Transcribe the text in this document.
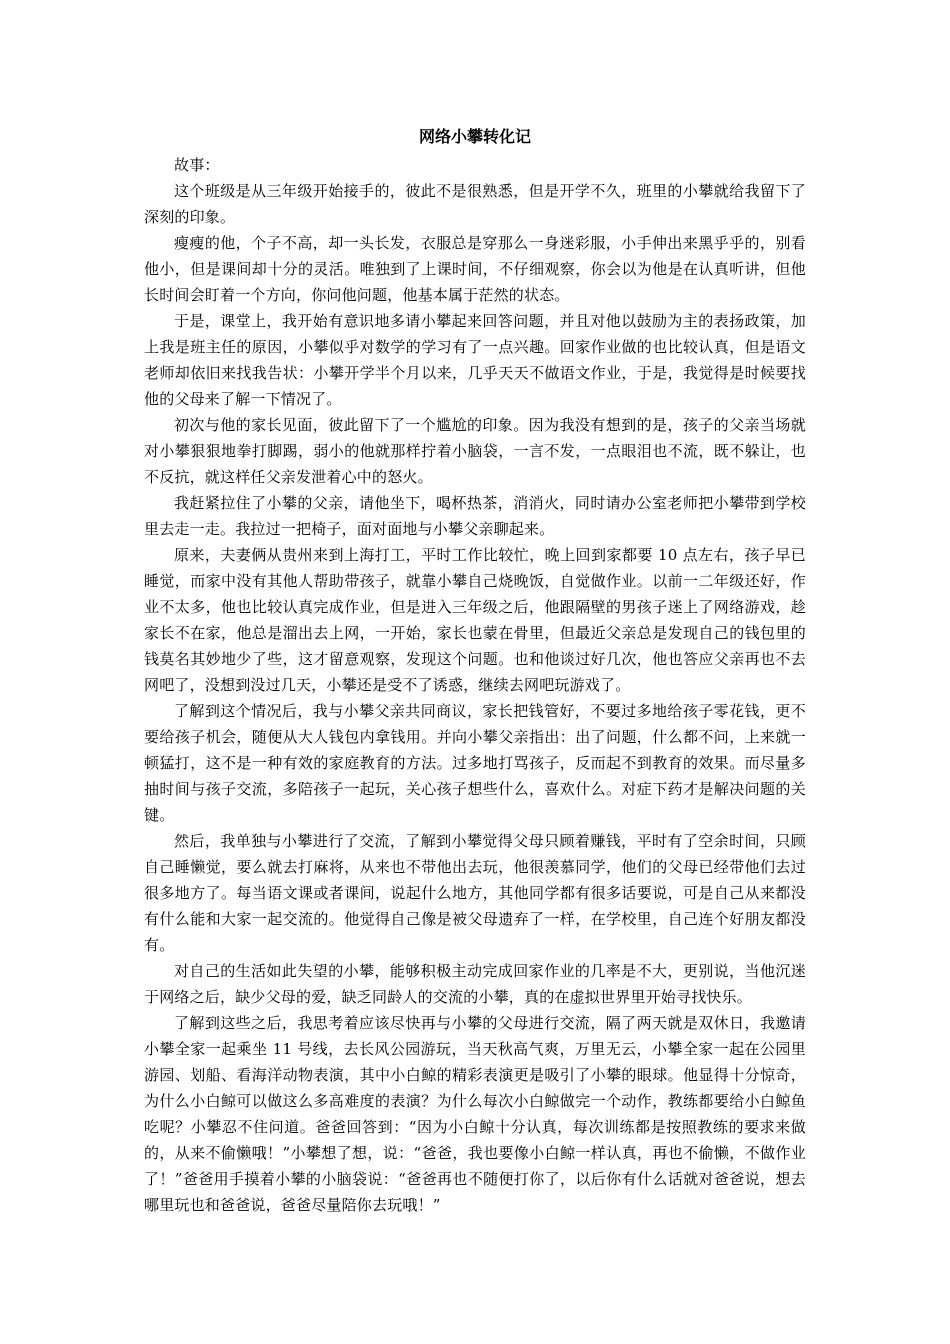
网络小攀转化记

故事：

这个班级是从三年级开始接手的，彼此不是很熟悉，但是开学不久，班里的小攀就给我留下了深刻的印象。

瘦瘦的他，个子不高，却一头长发，衣服总是穿那么一身迷彩服，小手伸出来黑乎乎的，别看他小，但是课间却十分的灵活。唯独到了上课时间，不仔细观察，你会以为他是在认真听讲，但他长时间会盯着一个方向，你问他问题，他基本属于茫然的状态。

于是，课堂上，我开始有意识地多请小攀起来回答问题，并且对他以鼓励为主的表扬政策，加上我是班主任的原因，小攀似乎对数学的学习有了一点兴趣。回家作业做的也比较认真，但是语文老师却依旧来找我告状：小攀开学半个月以来，几乎天天不做语文作业，于是，我觉得是时候要找他的父母来了解一下情况了。

初次与他的家长见面，彼此留下了一个尴尬的印象。因为我没有想到的是，孩子的父亲当场就对小攀狠狠地拳打脚踢，弱小的他就那样拧着小脑袋，一言不发，一点眼泪也不流，既不躲让，也不反抗，就这样任父亲发泄着心中的怒火。

我赶紧拉住了小攀的父亲，请他坐下，喝杯热茶，消消火，同时请办公室老师把小攀带到学校里去走一走。我拉过一把椅子，面对面地与小攀父亲聊起来。

原来，夫妻俩从贵州来到上海打工，平时工作比较忙，晚上回到家都要 10 点左右，孩子早已睡觉，而家中没有其他人帮助带孩子，就靠小攀自己烧晚饭，自觉做作业。以前一二年级还好，作业不太多，他也比较认真完成作业，但是进入三年级之后，他跟隔壁的男孩子迷上了网络游戏，趁家长不在家，他总是溜出去上网，一开始，家长也蒙在骨里，但最近父亲总是发现自己的钱包里的钱莫名其妙地少了些，这才留意观察，发现这个问题。也和他谈过好几次，他也答应父亲再也不去网吧了，没想到没过几天，小攀还是受不了诱惑，继续去网吧玩游戏了。

了解到这个情况后，我与小攀父亲共同商议，家长把钱管好，不要过多地给孩子零花钱，更不要给孩子机会，随便从大人钱包内拿钱用。并向小攀父亲指出：出了问题，什么都不问，上来就一顿猛打，这不是一种有效的家庭教育的方法。过多地打骂孩子，反而起不到教育的效果。而尽量多抽时间与孩子交流，多陪孩子一起玩，关心孩子想些什么，喜欢什么。对症下药才是解决问题的关键。

然后，我单独与小攀进行了交流，了解到小攀觉得父母只顾着赚钱，平时有了空余时间，只顾自己睡懒觉，要么就去打麻将，从来也不带他出去玩，他很羡慕同学，他们的父母已经带他们去过很多地方了。每当语文课或者课间，说起什么地方，其他同学都有很多话要说，可是自己从来都没有什么能和大家一起交流的。他觉得自己像是被父母遗弃了一样，在学校里，自己连个好朋友都没有。

对自己的生活如此失望的小攀，能够积极主动完成回家作业的几率是不大，更别说，当他沉迷于网络之后，缺少父母的爱，缺乏同龄人的交流的小攀，真的在虚拟世界里开始寻找快乐。

了解到这些之后，我思考着应该尽快再与小攀的父母进行交流，隔了两天就是双休日，我邀请小攀全家一起乘坐 11 号线，去长风公园游玩，当天秋高气爽，万里无云，小攀全家一起在公园里游园、划船、看海洋动物表演，其中小白鲸的精彩表演更是吸引了小攀的眼球。他显得十分惊奇，为什么小白鲸可以做这么多高难度的表演？为什么每次小白鲸做完一个动作，教练都要给小白鲸鱼吃呢？小攀忍不住问道。爸爸回答到：“因为小白鲸十分认真，每次训练都是按照教练的要求来做的，从来不偷懒哦！”小攀想了想，说：“爸爸，我也要像小白鲸一样认真，再也不偷懒，不做作业了！”爸爸用手摸着小攀的小脑袋说：“爸爸再也不随便打你了，以后你有什么话就对爸爸说，想去哪里玩也和爸爸说，爸爸尽量陪你去玩哦！”
